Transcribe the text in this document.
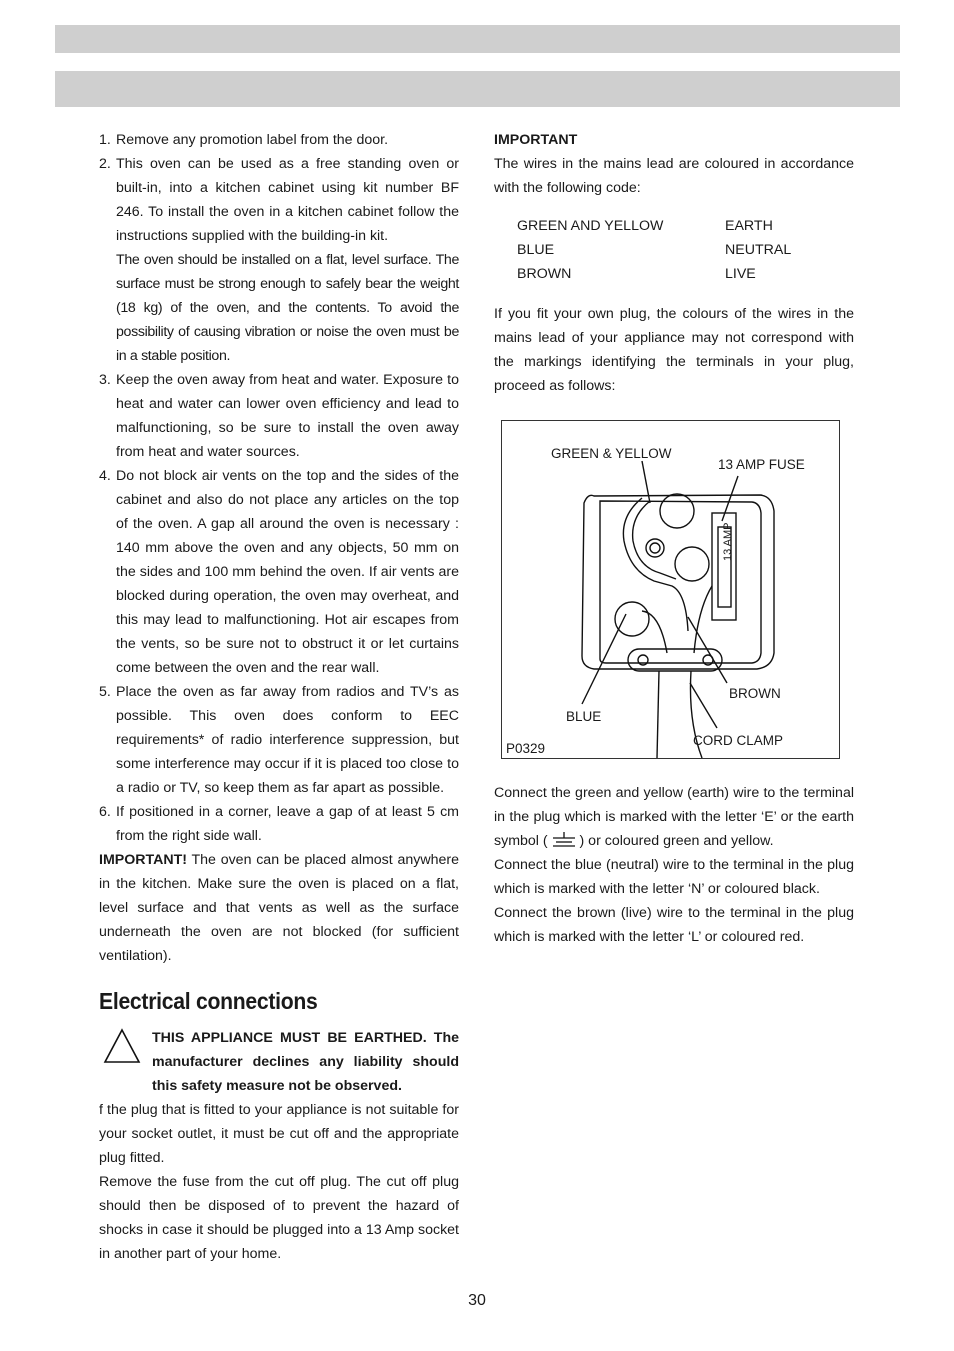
1. Remove any promotion label from the door.

2. This oven can be used as a free standing oven or built-in, into a kitchen cabinet using kit number BF 246. To install the oven in a kitchen cabinet follow the instructions supplied with the building-in kit.

The oven should be installed on a flat, level surface. The surface must be strong enough to safely bear the weight (18 kg) of the oven, and the contents. To avoid the possibility of causing vibration or noise the oven must be in a stable position.

3. Keep the oven away from heat and water. Exposure to heat and water can lower oven efficiency and lead to malfunctioning, so be sure to install the oven away from heat and water sources.

4. Do not block air vents on the top and the sides of the cabinet and also do not place any articles on the top of the oven. A gap all around the oven is necessary : 140 mm above the oven and any objects, 50 mm on the sides and 100 mm behind the oven. If air vents are blocked during operation, the oven may overheat, and this may lead to malfunctioning. Hot air escapes from the vents, so be sure not to obstruct it or let curtains come between the oven and the rear wall.

5. Place the oven as far away from radios and TV’s as possible. This oven does conform to EEC requirements* of radio interference suppression, but some interference may occur if it is placed too close to a radio or TV, so keep them as far apart as possible.

6. If positioned in a corner, leave a gap of at least 5 cm from the right side wall.

IMPORTANT! The oven can be placed almost anywhere in the kitchen. Make sure the oven is placed on a flat, level surface and that vents as well as the surface underneath the oven are not blocked (for sufficient ventilation).

Electrical connections
THIS APPLIANCE MUST BE EARTHED. The manufacturer declines any liability should this safety measure not be observed.

f the plug that is fitted to your appliance is not suitable for your socket outlet, it must be cut off and the appropriate plug fitted.

Remove the fuse from the cut off plug. The cut off plug should then be disposed of to prevent the hazard of shocks in case it should be plugged into a 13 Amp socket in another part of your home.

IMPORTANT

The wires in the mains lead are coloured in accordance with the following code:

GREEN AND YELLOW	EARTH
BLUE	NEUTRAL
BROWN	LIVE

If you fit your own plug, the colours of the wires in the mains lead of your appliance may not correspond with the markings identifying the terminals in your plug, proceed as follows:

GREEN & YELLOW
13 AMP FUSE
13 AMP
BROWN
BLUE
CORD CLAMP
P0329

Connect the green and yellow (earth) wire to the terminal in the plug which is marked with the letter ‘E’ or the earth symbol ( ) or coloured green and yellow.

Connect the blue (neutral) wire to the terminal in the plug which is marked with the letter ‘N’ or coloured black.

Connect the brown (live) wire to the terminal in the plug which is marked with the letter ‘L’ or coloured red.

30
